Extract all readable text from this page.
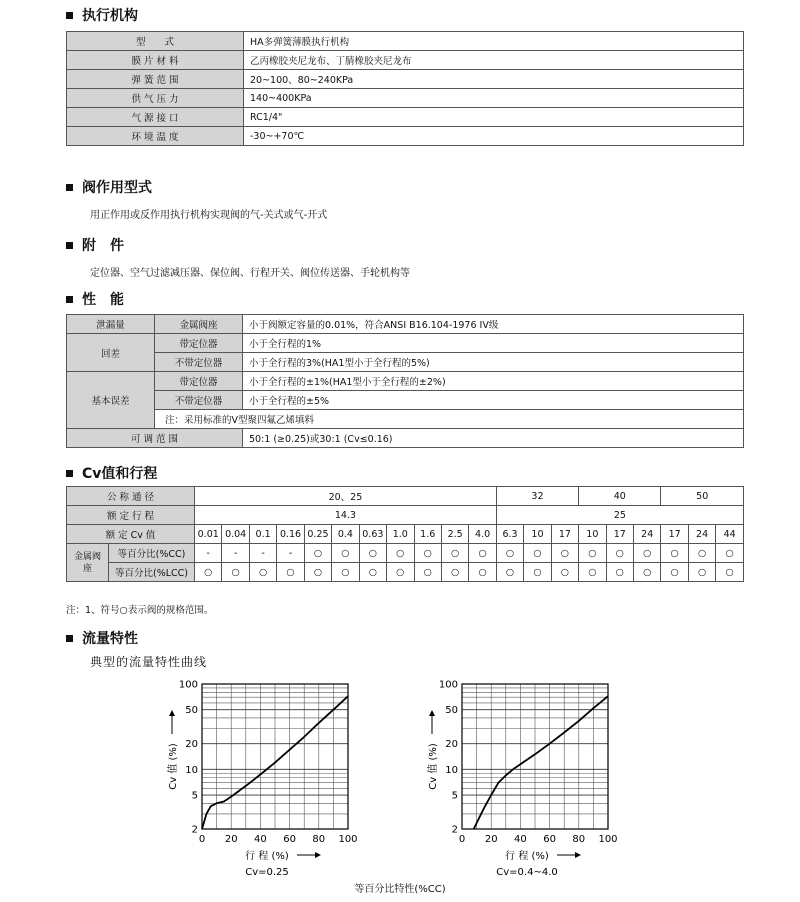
执行机构
型　　式	HA多弹簧薄膜执行机构
膜 片 材 料	乙丙橡胶夹尼龙布、丁腈橡胶夹尼龙布
弹 簧 范 围	20~100、80~240KPa
供 气 压 力	140~400KPa
气 源 接 口	RC1/4"
环 境 温 度	-30~+70℃
阀作用型式
用正作用或反作用执行机构实现阀的气-关式或气-开式
附　件
定位器、空气过滤减压器、保位阀、行程开关、阀位传送器、手轮机构等
性　能
泄漏量	金属阀座	小于阀额定容量的0.01%，符合ANSI B16.104-1976 IV级
回差	带定位器	小于全行程的1%
	不带定位器	小于全行程的3%(HA1型小于全行程的5%)
基本误差	带定位器	小于全行程的±1%(HA1型小于全行程的±2%)
	不带定位器	小于全行程的±5%
	注：采用标准的V型聚四氟乙烯填料	
可 调 范 围		50:1 (≥0.25)或30:1 (Cv≤0.16)
Cv值和行程
公 称 通 径		20、25											32			40			50		
额 定 行 程		14.3											25								
额 定 Cv 值		0.01	0.04	0.1	0.16	0.25	0.4	0.63	1.0	1.6	2.5	4.0	6.3	10	17	10	17	24	17	24	44
金属阀座	等百分比(%CC)	-	-	-	-	○	○	○	○	○	○	○	○	○	○	○	○	○	○	○	○
	等百分比(%LCC)	○	○	○	○	○	○	○	○	○	○	○	○	○	○	○	○	○	○	○	○
注：1、符号○表示阀的规格范围。
流量特性
典型的流量特性曲线
2
5
10
20
50
100
0 20 40 60 80 100
Cv 值 (%)
行 程 (%)
Cv=0.25
2
5
10
20
50
100
0 20 40 60 80 100
Cv 值 (%)
行 程 (%)
Cv=0.4~4.0
等百分比特性(%CC)
